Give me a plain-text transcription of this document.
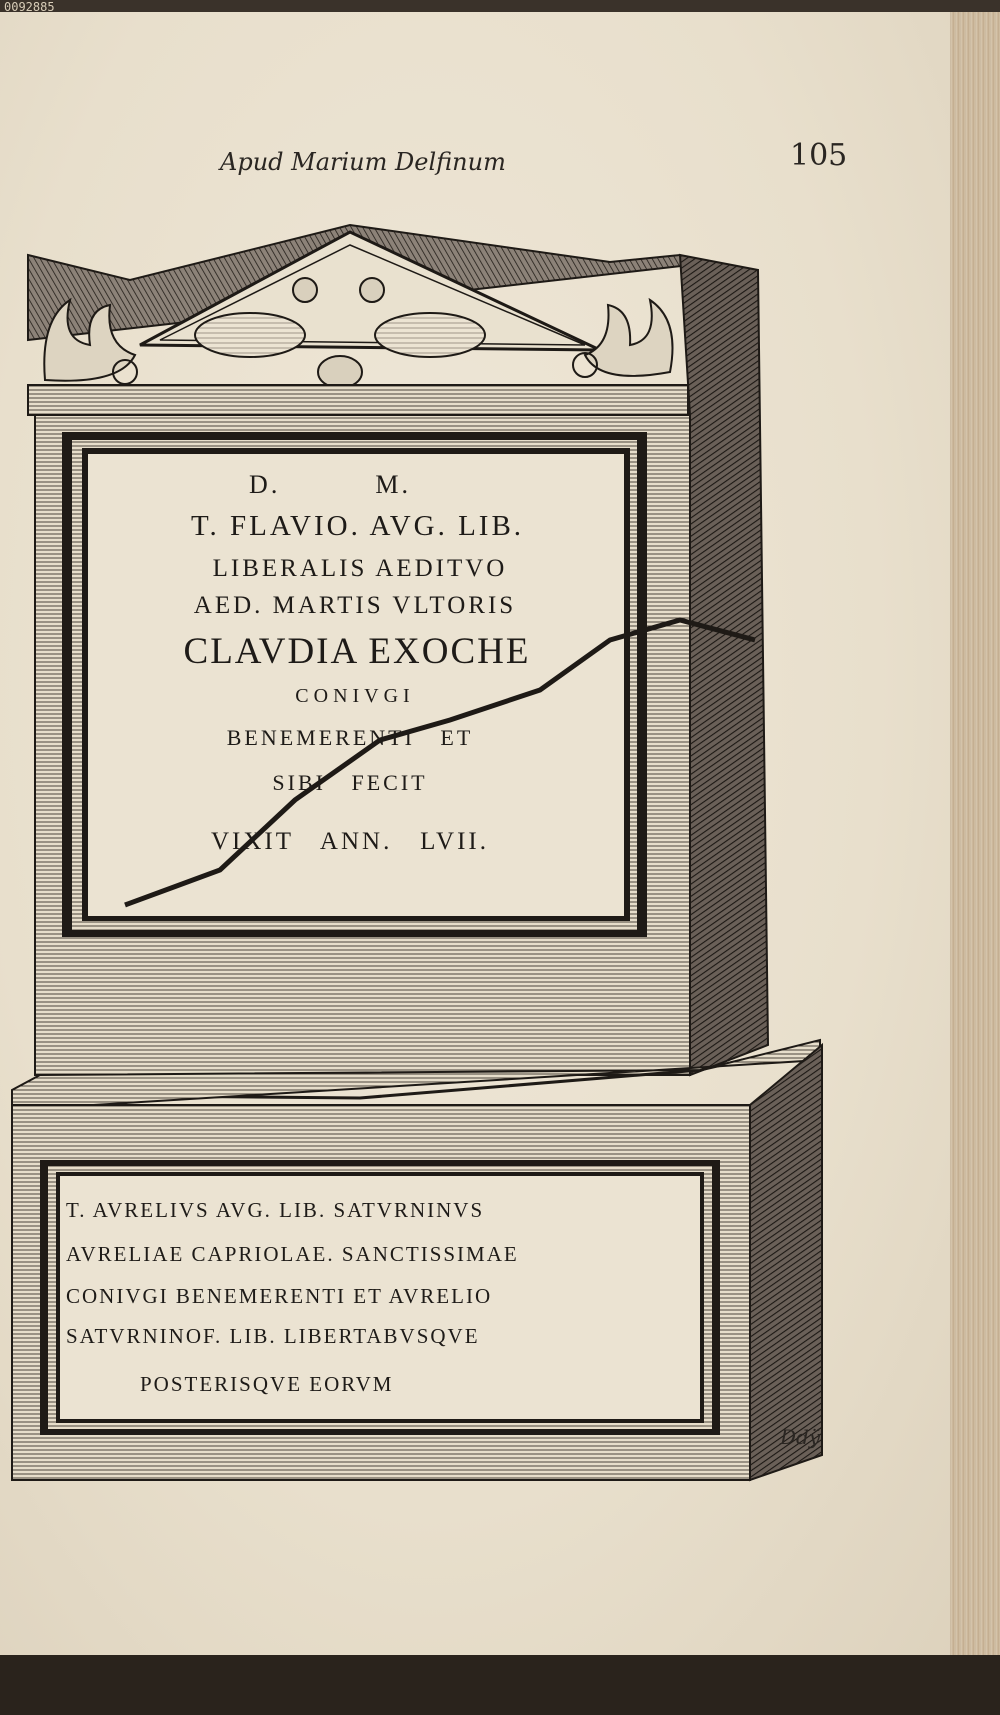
0092885
Apud Marium Delfinum	105
D.          M.
T. FLAVIO. AVG. LIB.
LIBERALIS AEDITVO
AED. MARTIS VLTORIS
CLAVDIA EXOCHE
CONIVGI
BENEMERENTI   ET
SIBI   FECIT
VIXIT   ANN.   LVII.
T. AVRELIVS AVG. LIB. SATVRNINVS
AVRELIAE CAPRIOLAE. SANCTISSIMAE
CONIVGI BENEMERENTI ET AVRELIO
SATVRNINOF. LIB. LIBERTABVSQVE
POSTERISQVE EORVM
Ddÿ
